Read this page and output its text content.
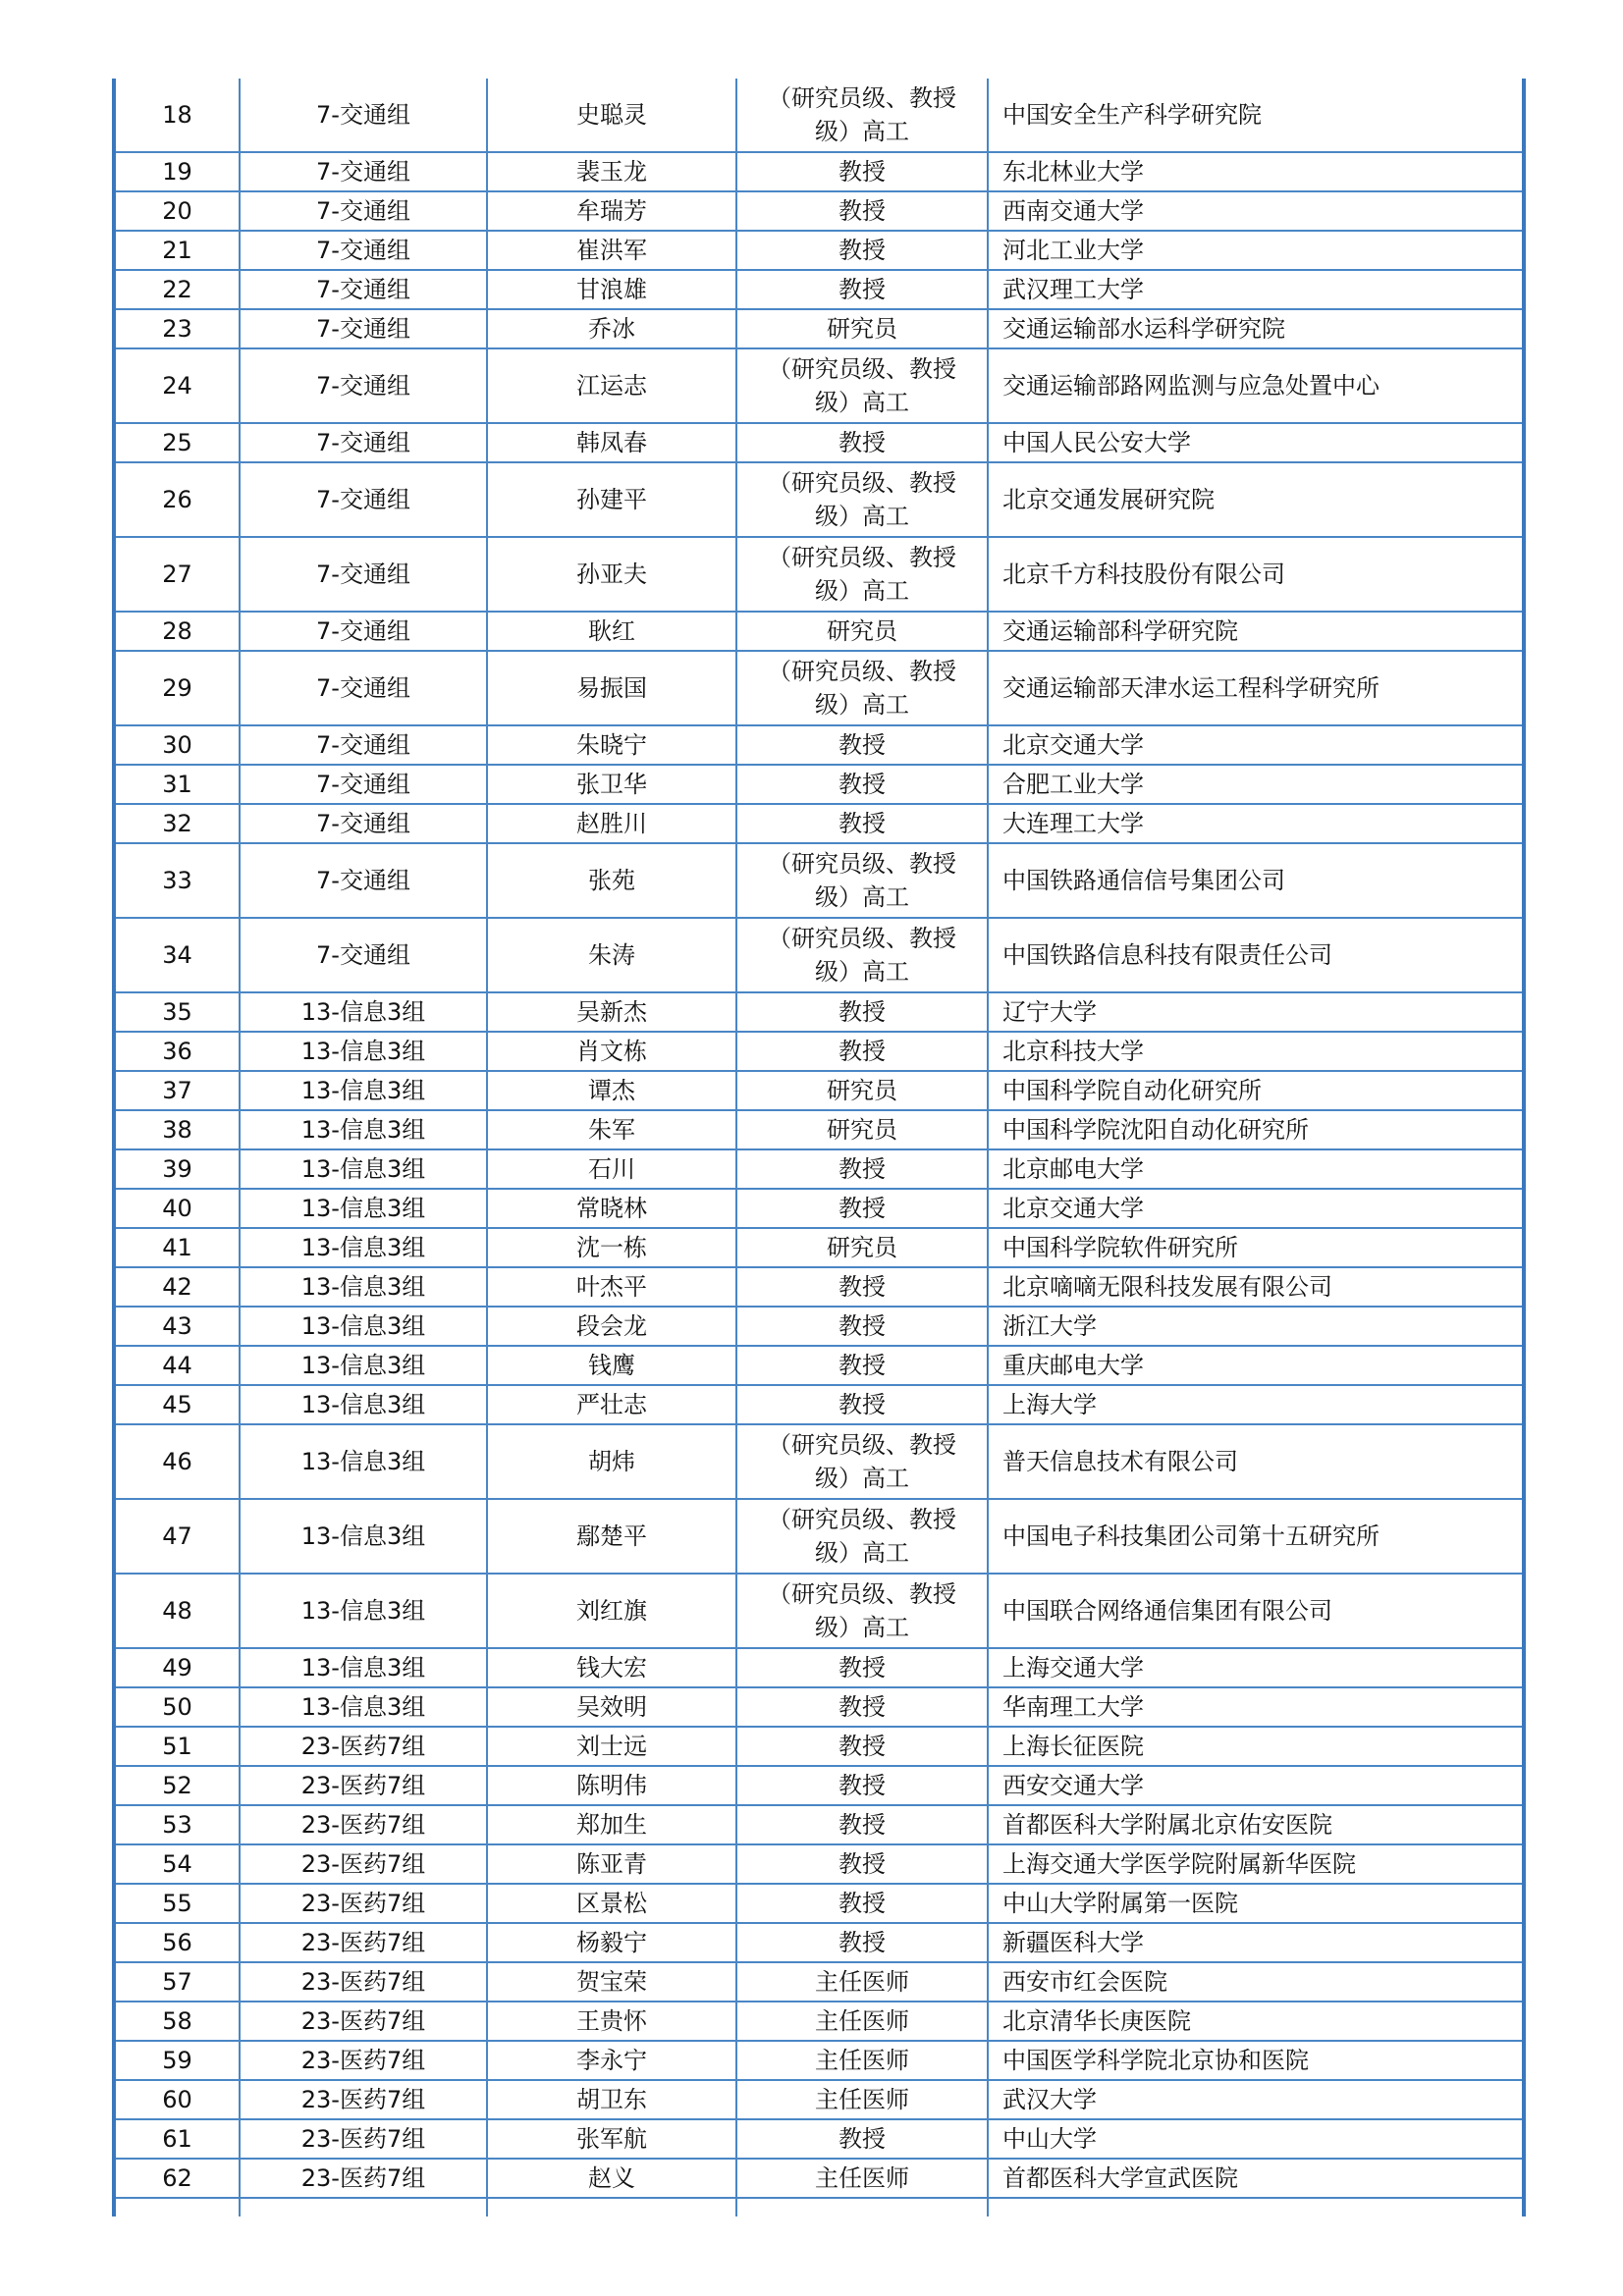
18	7-交通组	史聪灵	（研究员级、教授级）高工	中国安全生产科学研究院
19	7-交通组	裴玉龙	教授	东北林业大学
20	7-交通组	牟瑞芳	教授	西南交通大学
21	7-交通组	崔洪军	教授	河北工业大学
22	7-交通组	甘浪雄	教授	武汉理工大学
23	7-交通组	乔冰	研究员	交通运输部水运科学研究院
24	7-交通组	江运志	（研究员级、教授级）高工	交通运输部路网监测与应急处置中心
25	7-交通组	韩凤春	教授	中国人民公安大学
26	7-交通组	孙建平	（研究员级、教授级）高工	北京交通发展研究院
27	7-交通组	孙亚夫	（研究员级、教授级）高工	北京千方科技股份有限公司
28	7-交通组	耿红	研究员	交通运输部科学研究院
29	7-交通组	易振国	（研究员级、教授级）高工	交通运输部天津水运工程科学研究所
30	7-交通组	朱晓宁	教授	北京交通大学
31	7-交通组	张卫华	教授	合肥工业大学
32	7-交通组	赵胜川	教授	大连理工大学
33	7-交通组	张苑	（研究员级、教授级）高工	中国铁路通信信号集团公司
34	7-交通组	朱涛	（研究员级、教授级）高工	中国铁路信息科技有限责任公司
35	13-信息3组	吴新杰	教授	辽宁大学
36	13-信息3组	肖文栋	教授	北京科技大学
37	13-信息3组	谭杰	研究员	中国科学院自动化研究所
38	13-信息3组	朱军	研究员	中国科学院沈阳自动化研究所
39	13-信息3组	石川	教授	北京邮电大学
40	13-信息3组	常晓林	教授	北京交通大学
41	13-信息3组	沈一栋	研究员	中国科学院软件研究所
42	13-信息3组	叶杰平	教授	北京嘀嘀无限科技发展有限公司
43	13-信息3组	段会龙	教授	浙江大学
44	13-信息3组	钱鹰	教授	重庆邮电大学
45	13-信息3组	严壮志	教授	上海大学
46	13-信息3组	胡炜	（研究员级、教授级）高工	普天信息技术有限公司
47	13-信息3组	鄢楚平	（研究员级、教授级）高工	中国电子科技集团公司第十五研究所
48	13-信息3组	刘红旗	（研究员级、教授级）高工	中国联合网络通信集团有限公司
49	13-信息3组	钱大宏	教授	上海交通大学
50	13-信息3组	吴效明	教授	华南理工大学
51	23-医药7组	刘士远	教授	上海长征医院
52	23-医药7组	陈明伟	教授	西安交通大学
53	23-医药7组	郑加生	教授	首都医科大学附属北京佑安医院
54	23-医药7组	陈亚青	教授	上海交通大学医学院附属新华医院
55	23-医药7组	区景松	教授	中山大学附属第一医院
56	23-医药7组	杨毅宁	教授	新疆医科大学
57	23-医药7组	贺宝荣	主任医师	西安市红会医院
58	23-医药7组	王贵怀	主任医师	北京清华长庚医院
59	23-医药7组	李永宁	主任医师	中国医学科学院北京协和医院
60	23-医药7组	胡卫东	主任医师	武汉大学
61	23-医药7组	张军航	教授	中山大学
62	23-医药7组	赵义	主任医师	首都医科大学宣武医院
